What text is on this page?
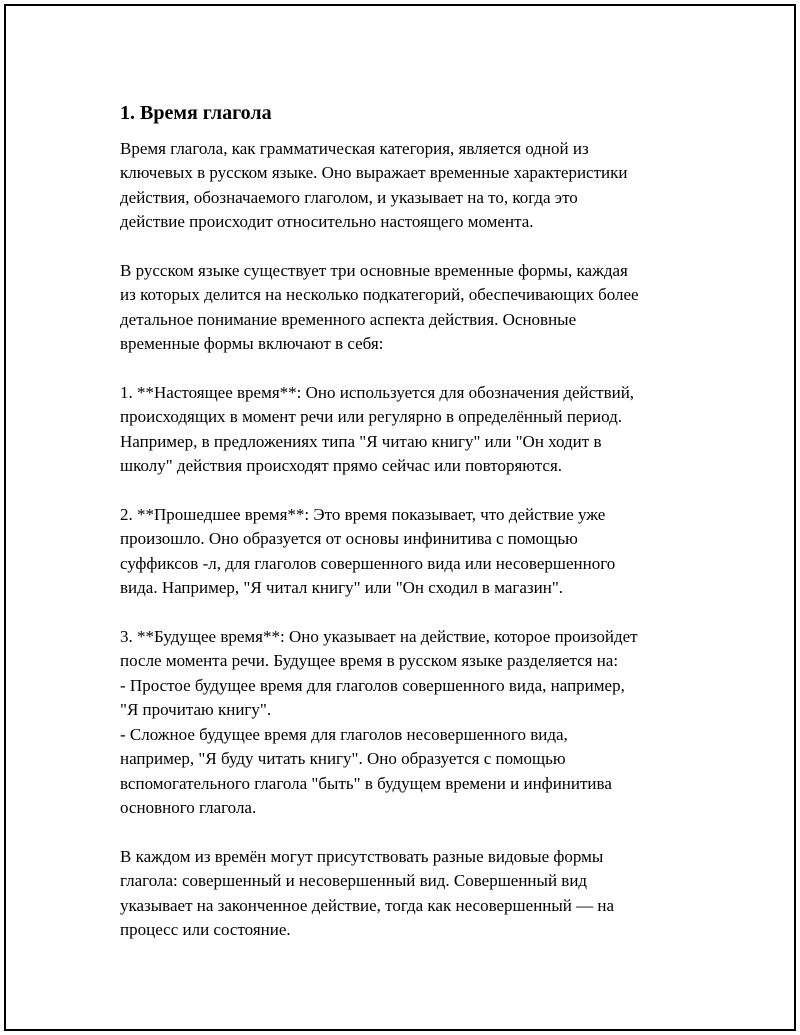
1. Время глагола

Время глагола, как грамматическая категория, является одной из
ключевых в русском языке. Оно выражает временные характеристики
действия, обозначаемого глаголом, и указывает на то, когда это
действие происходит относительно настоящего момента.

В русском языке существует три основные временные формы, каждая
из которых делится на несколько подкатегорий, обеспечивающих более
детальное понимание временного аспекта действия. Основные
временные формы включают в себя:

1. **Настоящее время**: Оно используется для обозначения действий,
происходящих в момент речи или регулярно в определённый период.
Например, в предложениях типа "Я читаю книгу" или "Он ходит в
школу" действия происходят прямо сейчас или повторяются.

2. **Прошедшее время**: Это время показывает, что действие уже
произошло. Оно образуется от основы инфинитива с помощью
суффиксов -л, для глаголов совершенного вида или несовершенного
вида. Например, "Я читал книгу" или "Он сходил в магазин".

3. **Будущее время**: Оно указывает на действие, которое произойдет
после момента речи. Будущее время в русском языке разделяется на:
- Простое будущее время для глаголов совершенного вида, например,
"Я прочитаю книгу".
- Сложное будущее время для глаголов несовершенного вида,
например, "Я буду читать книгу". Оно образуется с помощью
вспомогательного глагола "быть" в будущем времени и инфинитива
основного глагола.

В каждом из времён могут присутствовать разные видовые формы
глагола: совершенный и несовершенный вид. Совершенный вид
указывает на законченное действие, тогда как несовершенный — на
процесс или состояние.
